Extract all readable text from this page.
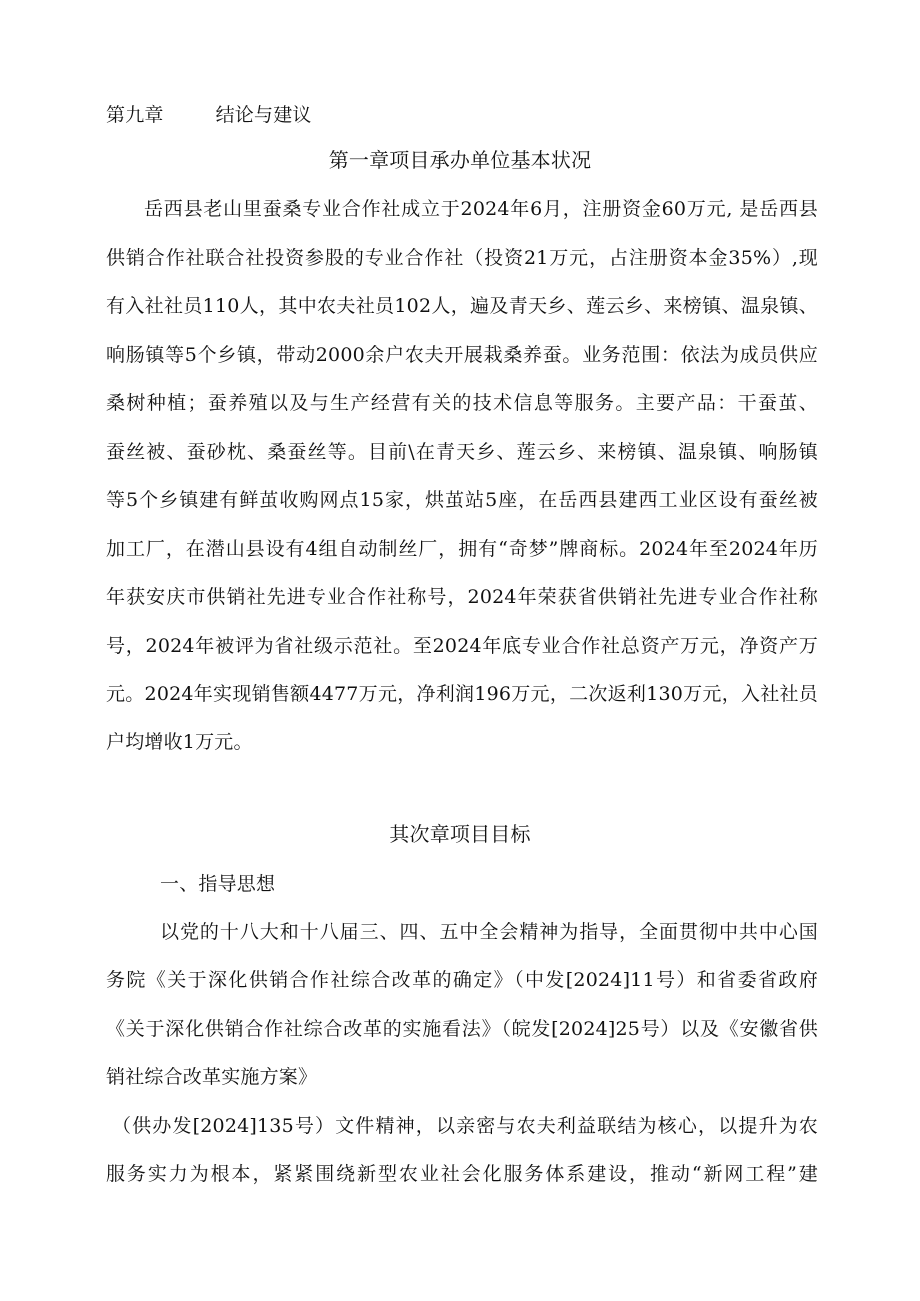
第九章	结论与建议
第一章项目承办单位基本状况
岳西县老山里蚕桑专业合作社成立于2024年6月，注册资金60万元, 是岳西县
供销合作社联合社投资参股的专业合作社（投资21万元，占注册资本金35%）,现
有入社社员110人，其中农夫社员102人，遍及青天乡、莲云乡、来榜镇、温泉镇、
响肠镇等5个乡镇，带动2000余户农夫开展栽桑养蚕。业务范围：依法为成员供应
桑树种植；蚕养殖以及与生产经营有关的技术信息等服务。主要产品：干蚕茧、
蚕丝被、蚕砂枕、桑蚕丝等。目前\在青天乡、莲云乡、来榜镇、温泉镇、响肠镇
等5个乡镇建有鲜茧收购网点15家，烘茧站5座，在岳西县建西工业区设有蚕丝被
加工厂，在潜山县设有4组自动制丝厂，拥有“奇梦”牌商标。2024年至2024年历
年获安庆市供销社先进专业合作社称号，2024年荣获省供销社先进专业合作社称
号，2024年被评为省社级示范社。至2024年底专业合作社总资产万元，净资产万
元。2024年实现销售额4477万元，净利润196万元，二次返利130万元，入社社员
户均增收1万元。
其次章项目目标
一、指导思想
以党的十八大和十八届三、四、五中全会精神为指导，全面贯彻中共中心国
务院《关于深化供销合作社综合改革的确定》（中发[2024]11号）和省委省政府
《关于深化供销合作社综合改革的实施看法》（皖发[2024]25号）以及《安徽省供
销社综合改革实施方案》
（供办发[2024]135号）文件精神，以亲密与农夫利益联结为核心，以提升为农
服务实力为根本，紧紧围绕新型农业社会化服务体系建设，推动“新网工程”建
